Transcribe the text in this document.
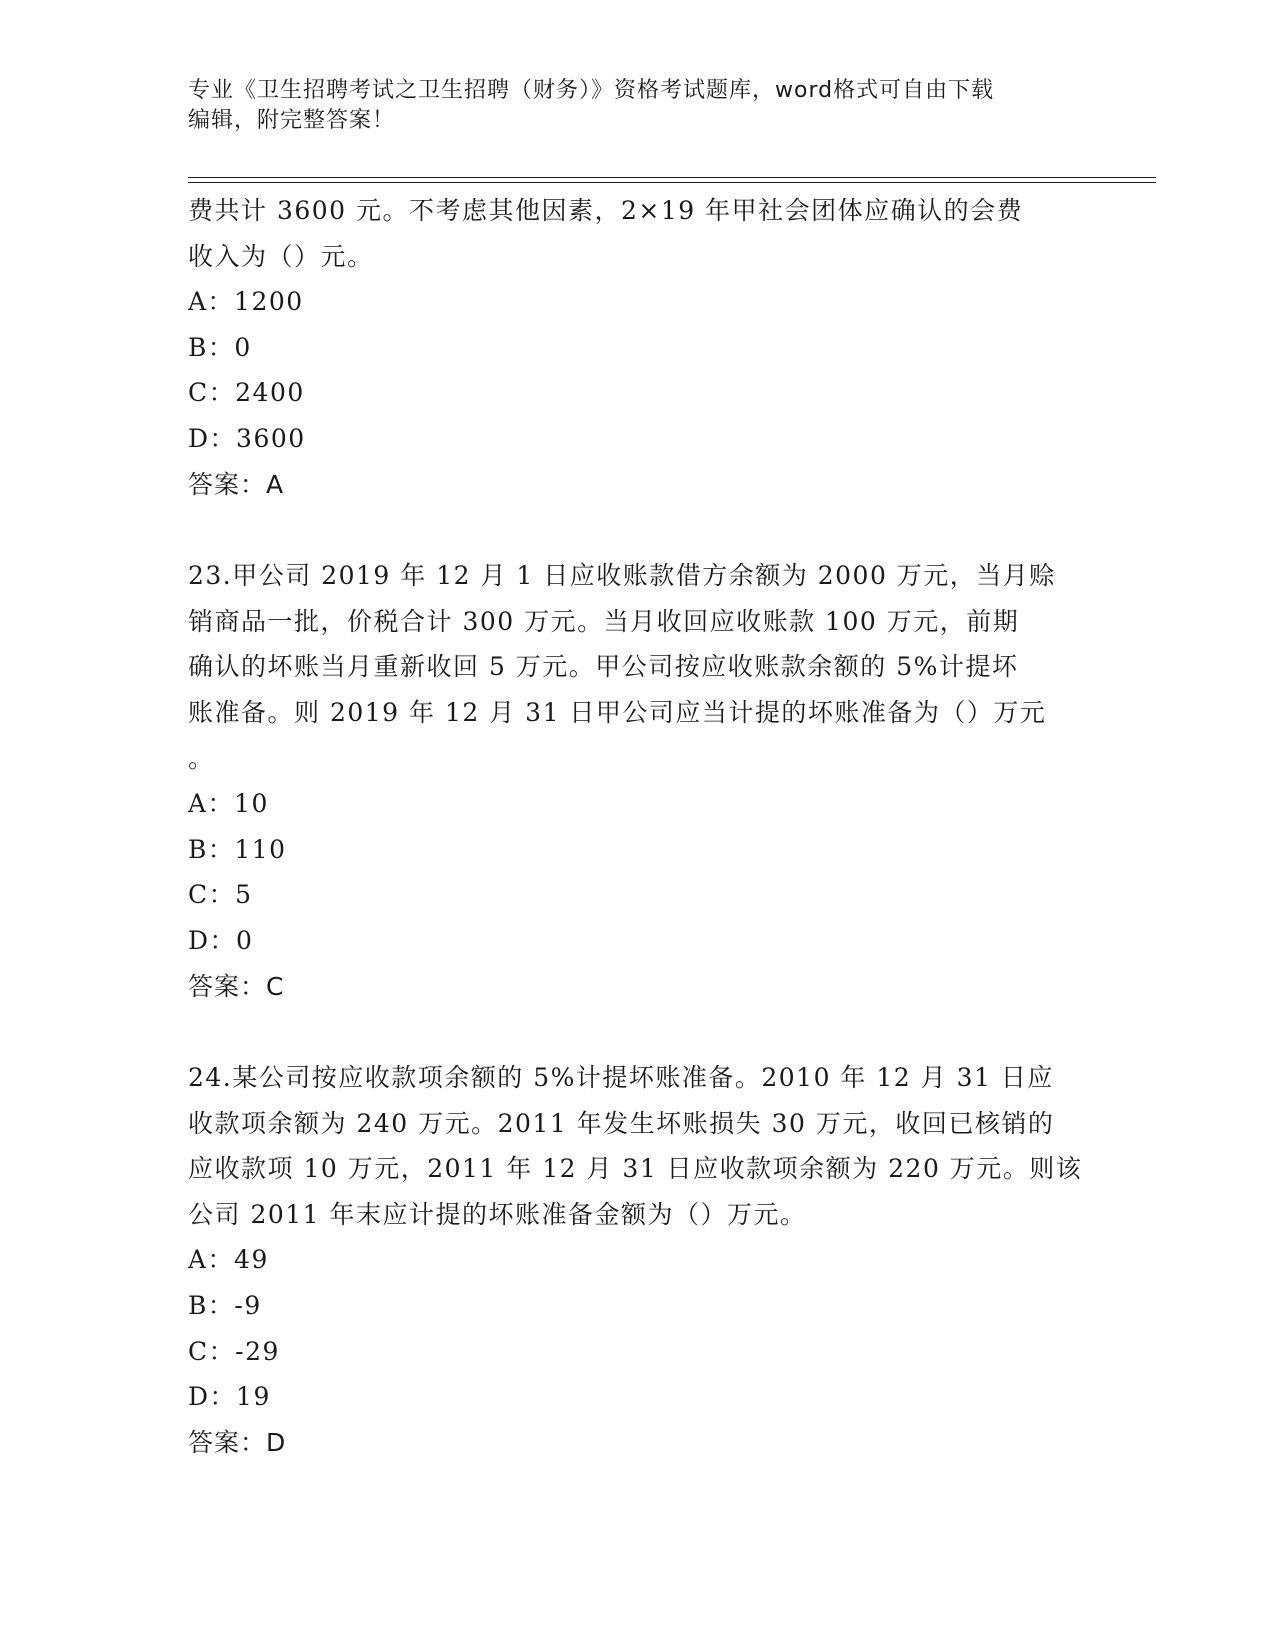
专业《卫生招聘考试之卫生招聘（财务）》资格考试题库，word格式可自由下载
编辑，附完整答案！
费共计 3600 元。不考虑其他因素，2×19 年甲社会团体应确认的会费
收入为（）元。
A：1200
B：0
C：2400
D：3600
答案：A
23.甲公司 2019 年 12 月 1 日应收账款借方余额为 2000 万元，当月赊
销商品一批，价税合计 300 万元。当月收回应收账款 100 万元，前期
确认的坏账当月重新收回 5 万元。甲公司按应收账款余额的 5%计提坏
账准备。则 2019 年 12 月 31 日甲公司应当计提的坏账准备为（）万元
。
A：10
B：110
C：5
D：0
答案：C
24.某公司按应收款项余额的 5%计提坏账准备。2010 年 12 月 31 日应
收款项余额为 240 万元。2011 年发生坏账损失 30 万元，收回已核销的
应收款项 10 万元，2011 年 12 月 31 日应收款项余额为 220 万元。则该
公司 2011 年末应计提的坏账准备金额为（）万元。
A：49
B：-9
C：-29
D：19
答案：D
